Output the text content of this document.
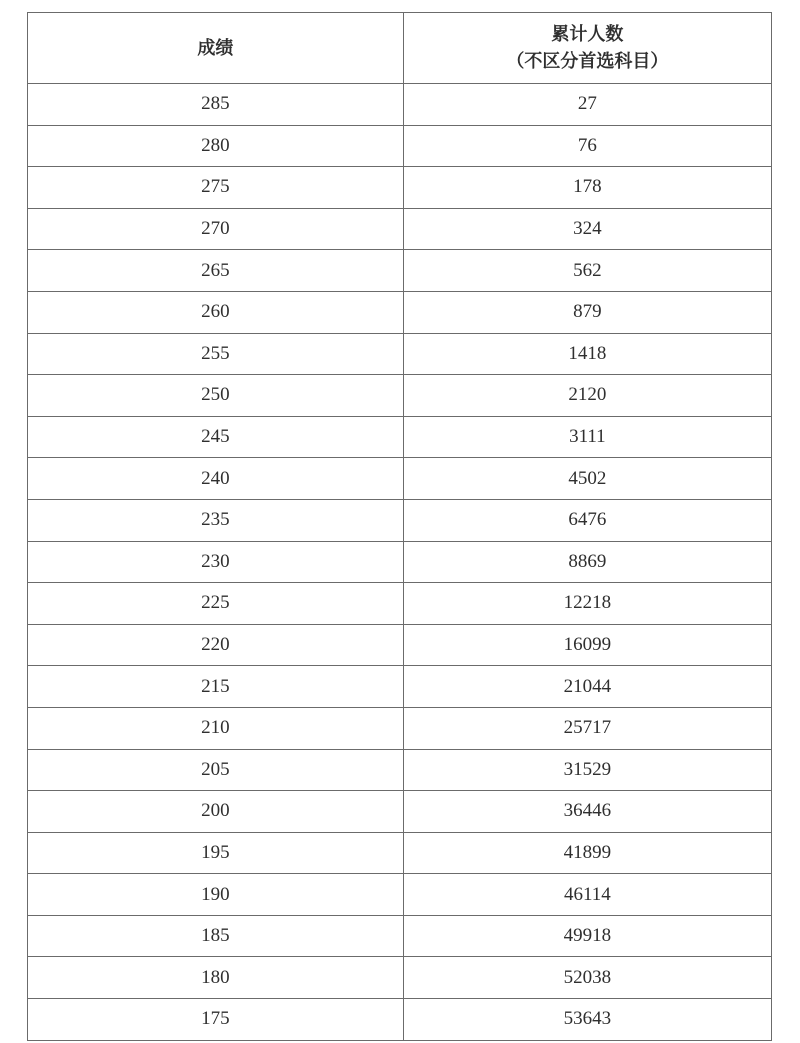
成绩	累计人数
（不区分首选科目）

285	27
280	76
275	178
270	324
265	562
260	879
255	1418
250	2120
245	3111
240	4502
235	6476
230	8869
225	12218
220	16099
215	21044
210	25717
205	31529
200	36446
195	41899
190	46114
185	49918
180	52038
175	53643
